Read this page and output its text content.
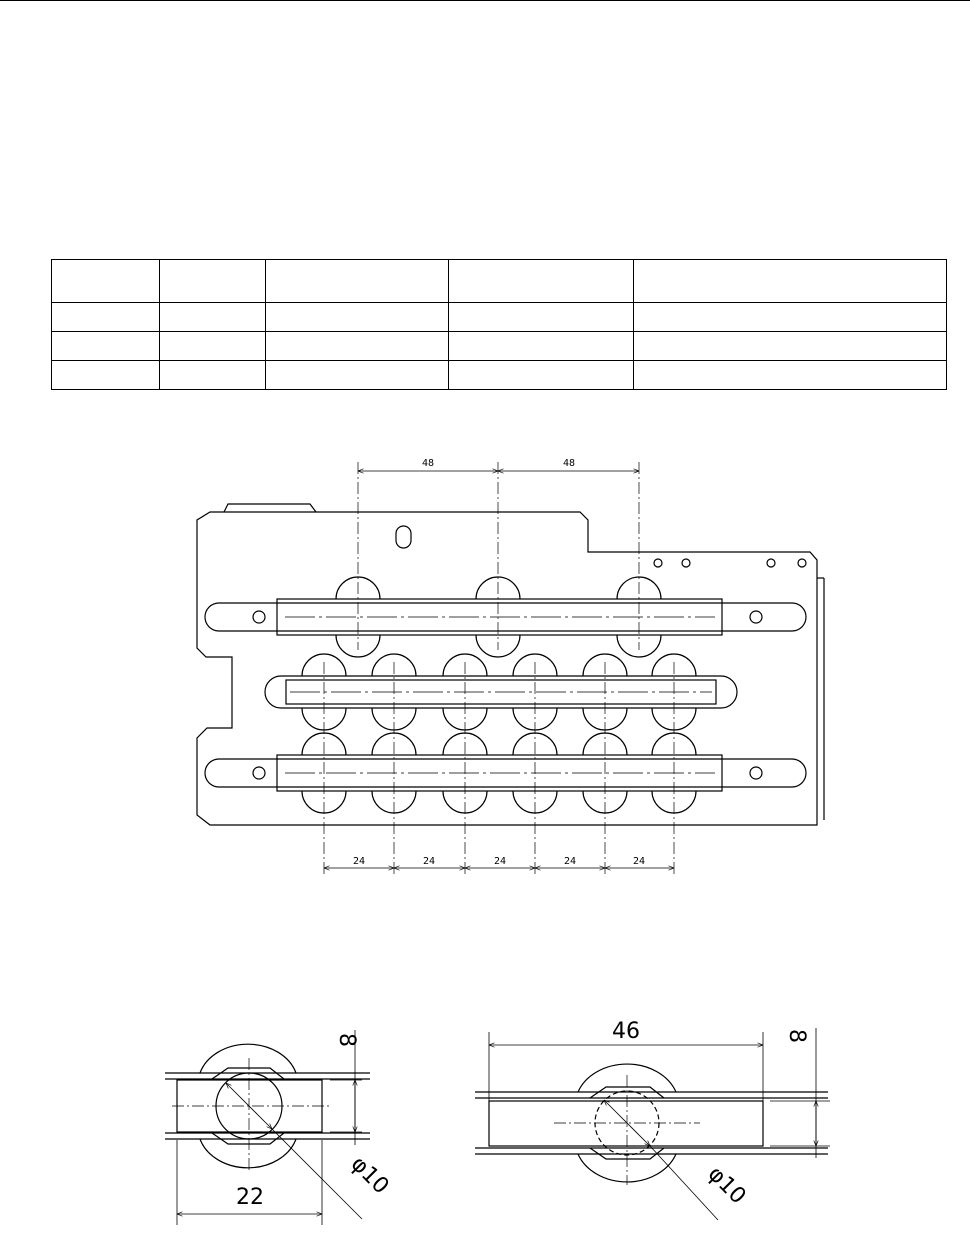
48	48
24	24	24	24	24
8
22	φ10
46	8
φ10
